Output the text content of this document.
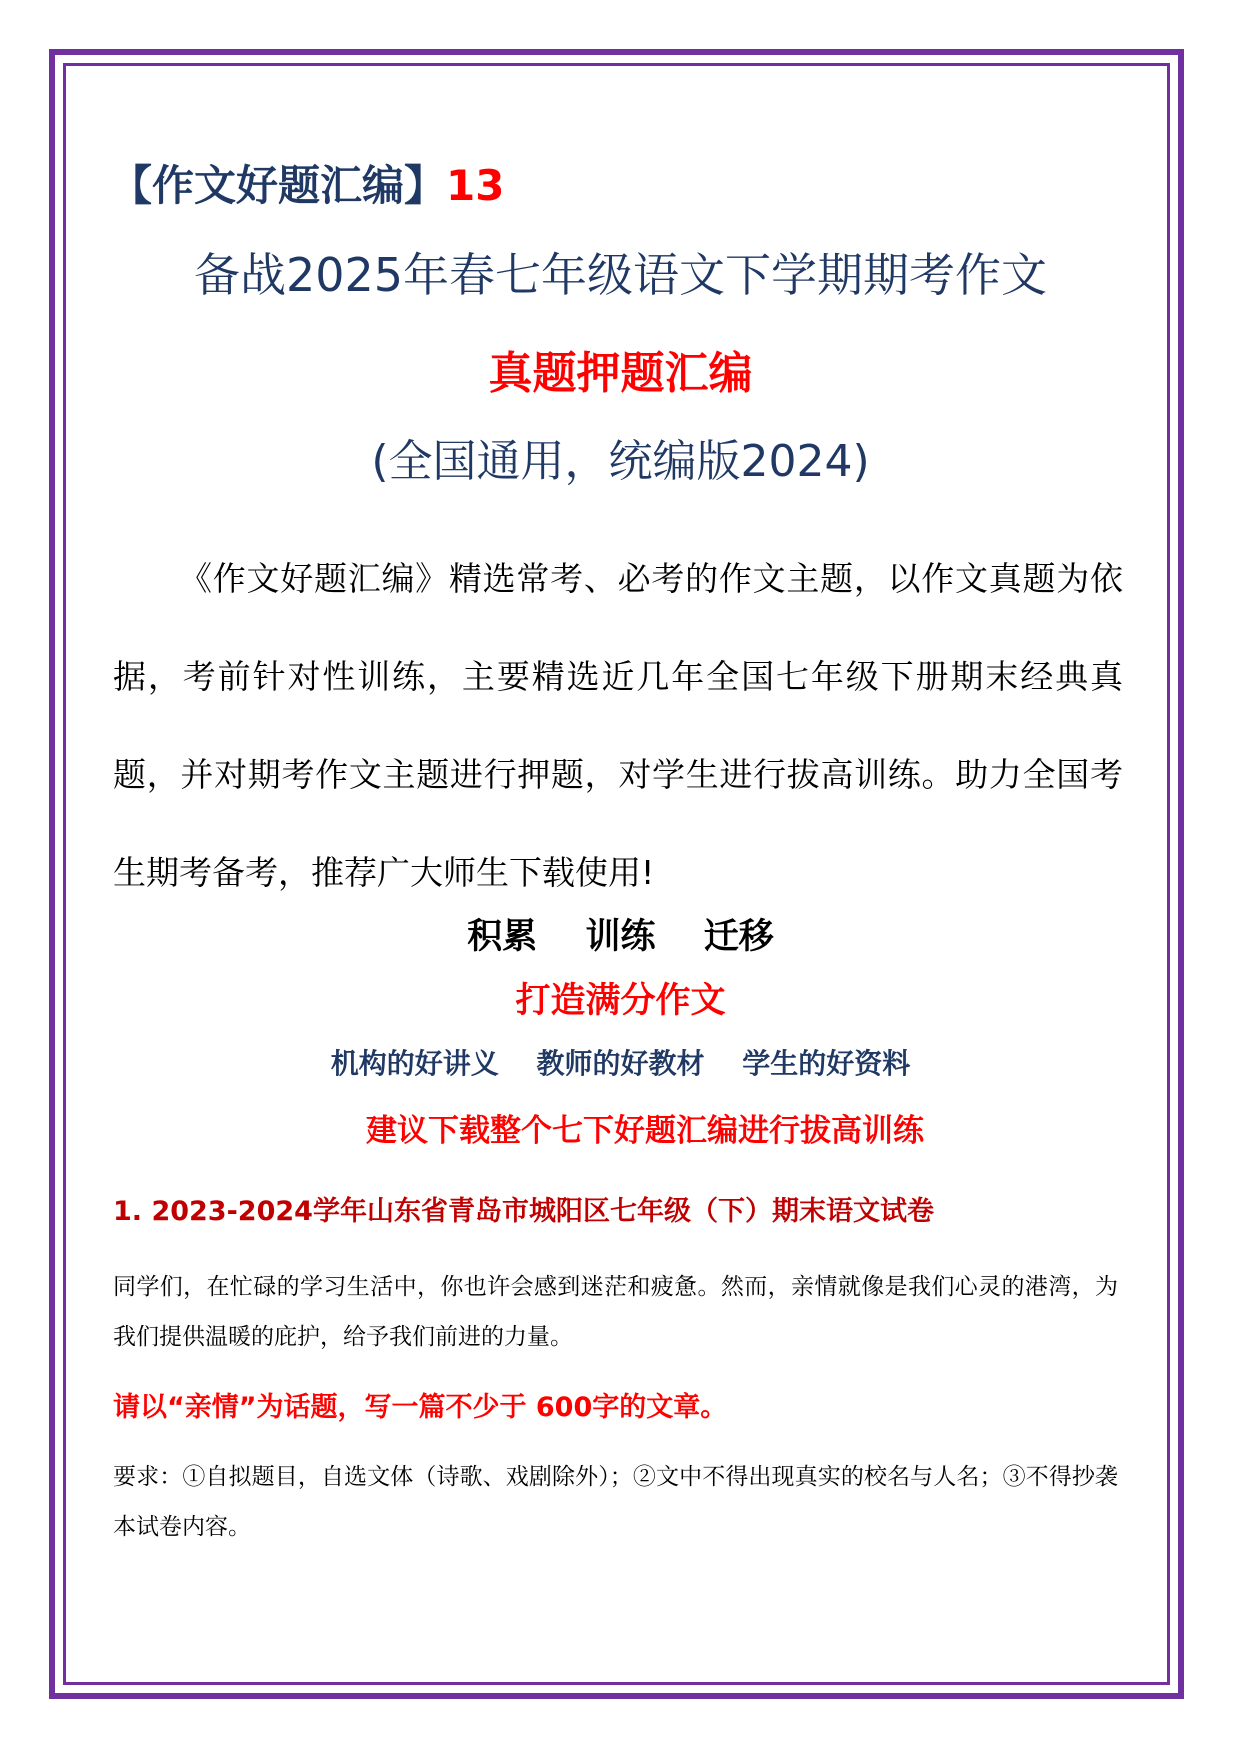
【作文好题汇编】13
备战2025年春七年级语文下学期期考作文
真题押题汇编
(全国通用，统编版2024)
《作文好题汇编》精选常考、必考的作文主题，以作文真题为依据，考前针对性训练，主要精选近几年全国七年级下册期末经典真题，并对期考作文主题进行押题，对学生进行拔高训练。助力全国考生期考备考，推荐广大师生下载使用!
积累 训练 迁移
打造满分作文
机构的好讲义 教师的好教材 学生的好资料
建议下载整个七下好题汇编进行拔高训练
1. 2023-2024学年山东省青岛市城阳区七年级（下）期末语文试卷
同学们，在忙碌的学习生活中，你也许会感到迷茫和疲惫。然而，亲情就像是我们心灵的港湾，为我们提供温暖的庇护，给予我们前进的力量。
请以“亲情”为话题，写一篇不少于 600字的文章。
要求：①自拟题目，自选文体（诗歌、戏剧除外）；②文中不得出现真实的校名与人名；③不得抄袭本试卷内容。
